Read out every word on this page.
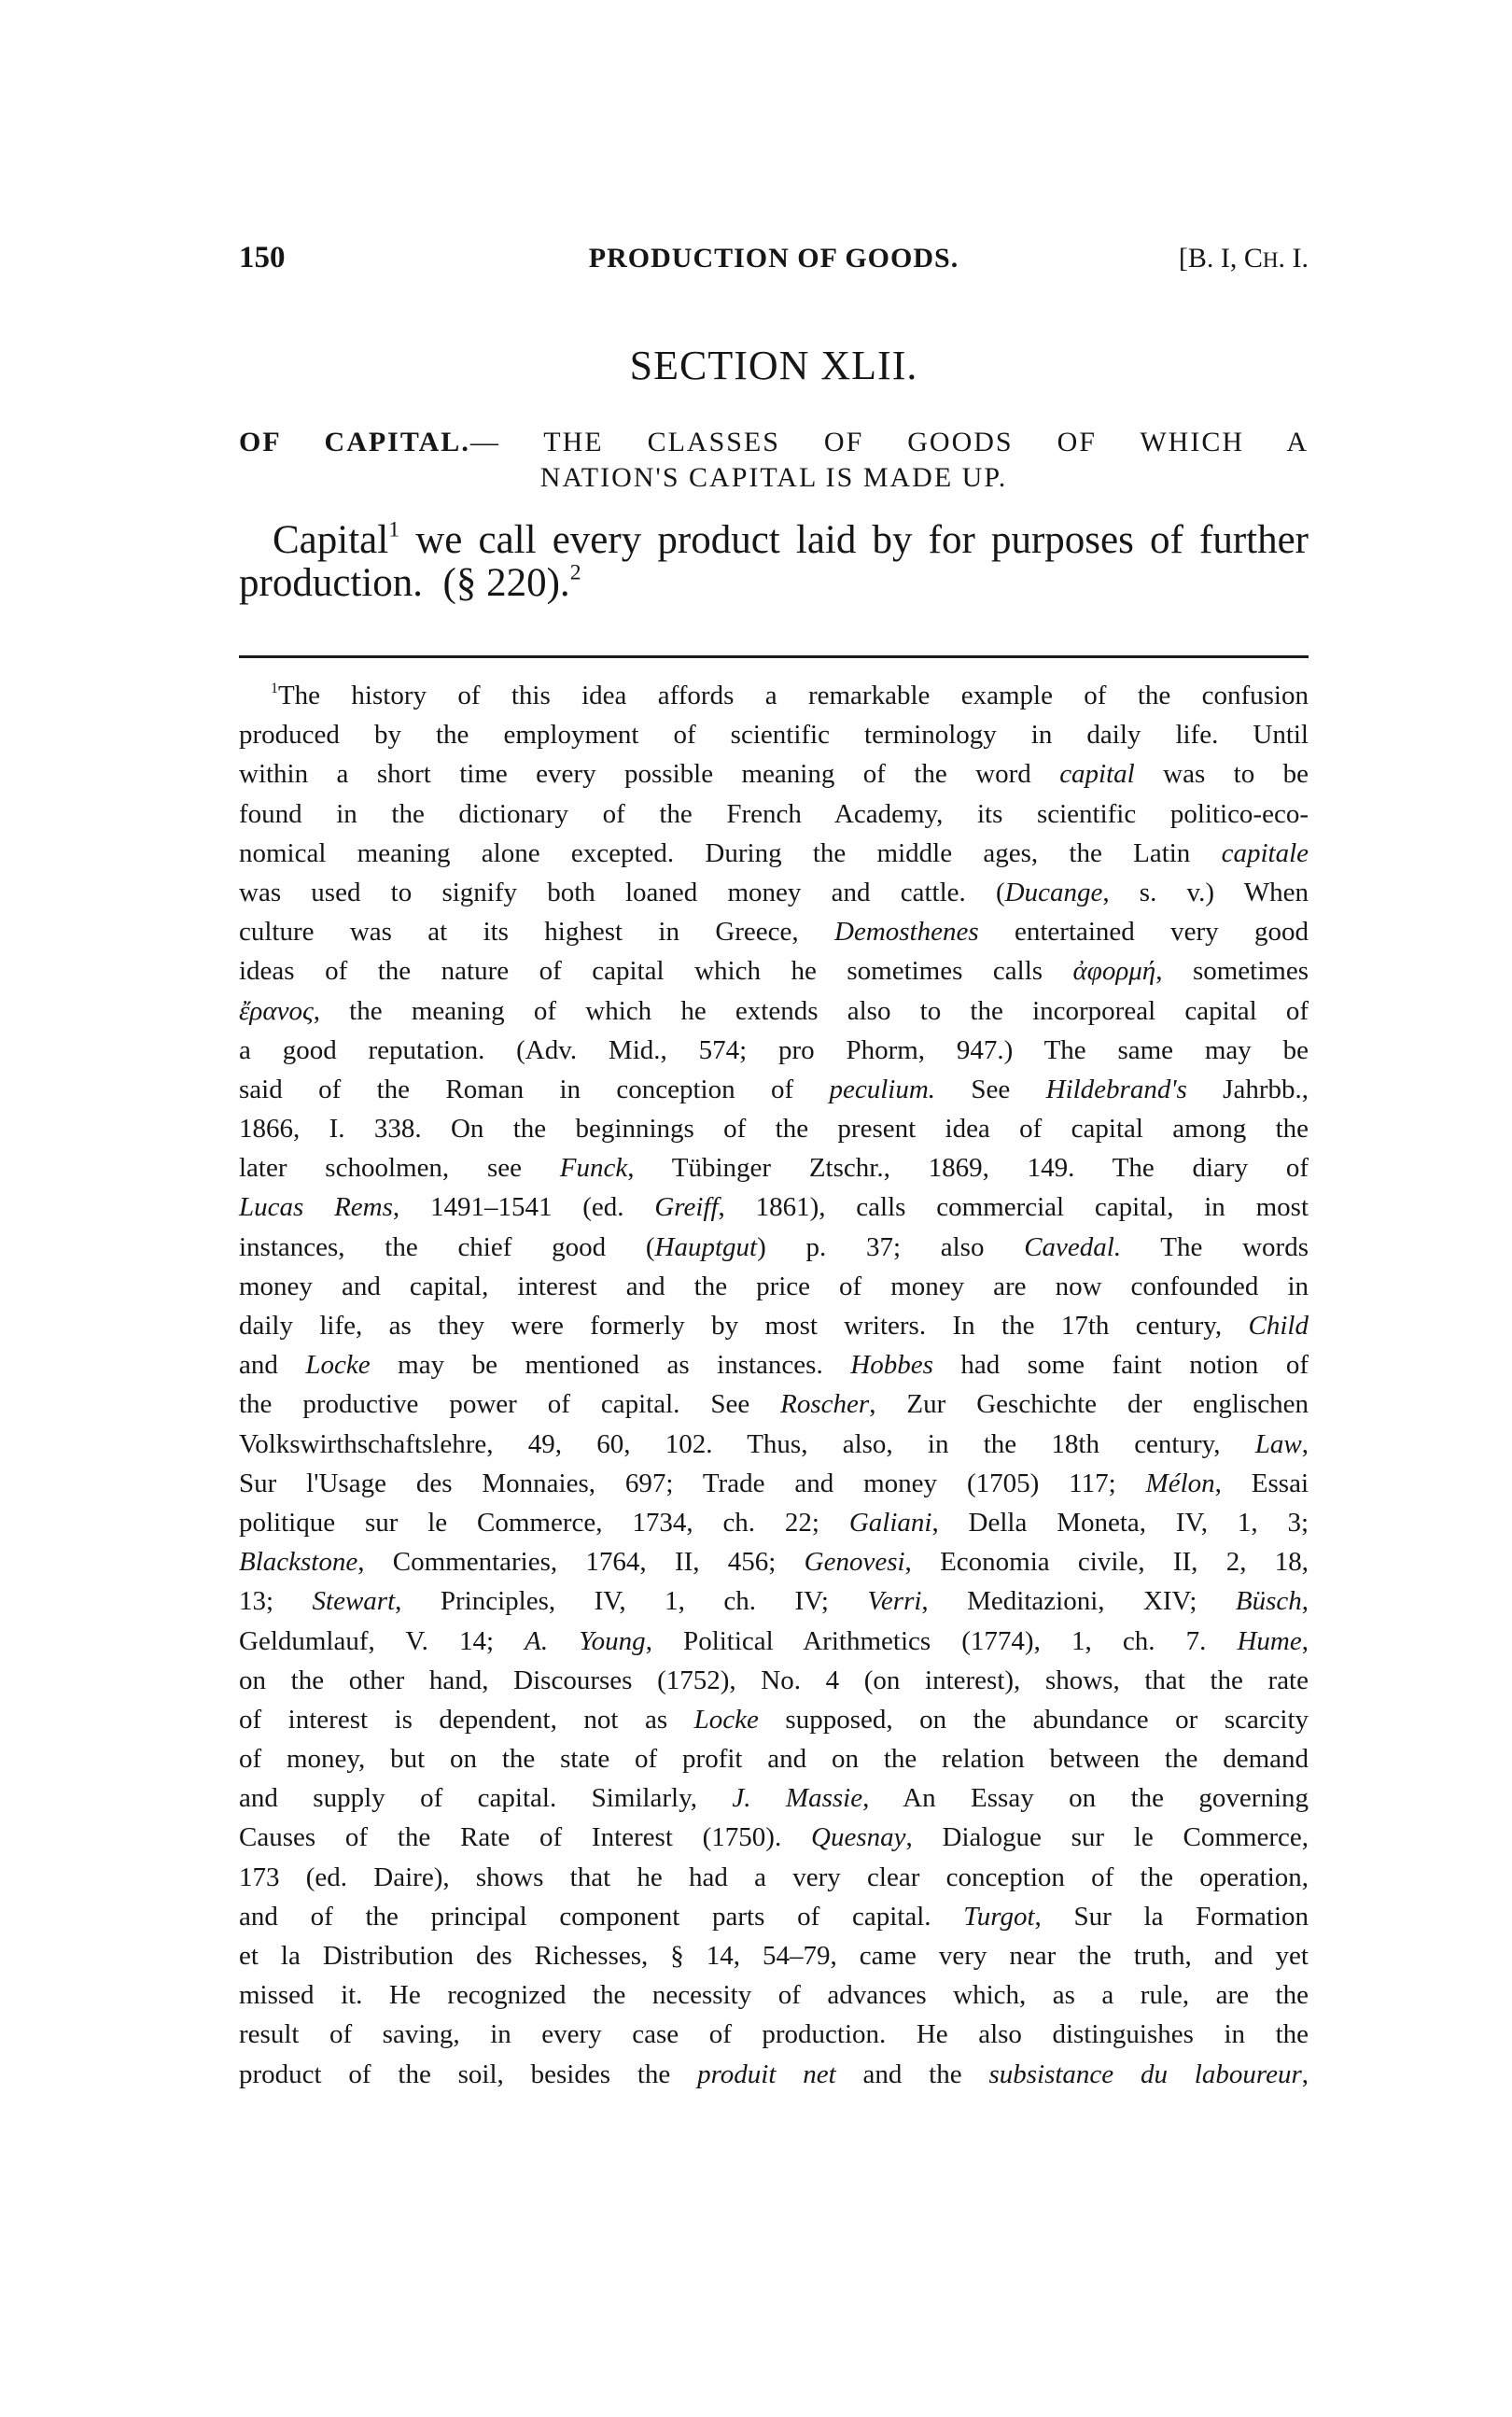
150	PRODUCTION OF GOODS.	[B. I, CH. I.
SECTION XLII.
OF CAPITAL.— THE CLASSES OF GOODS OF WHICH A
NATION'S CAPITAL IS MADE UP.
Capital$^1$ we call every product laid by for purposes of further
production.  (§ 220).$^2$
$^1$The history of this idea affords a remarkable example of the confusion
produced by the employment of scientific terminology in daily life. Until
within a short time every possible meaning of the word capital was to be
found in the dictionary of the French Academy, its scientific politico-eco-
nomical meaning alone excepted. During the middle ages, the Latin capitale
was used to signify both loaned money and cattle. (Ducange, s. v.) When
culture was at its highest in Greece, Demosthenes entertained very good
ideas of the nature of capital which he sometimes calls ἀφορμή, sometimes
ἔρανος, the meaning of which he extends also to the incorporeal capital of
a good reputation. (Adv. Mid., 574; pro Phorm, 947.) The same may be
said of the Roman in conception of peculium. See Hildebrand's Jahrbb.,
1866, I. 338. On the beginnings of the present idea of capital among the
later schoolmen, see Funck, Tübinger Ztschr., 1869, 149. The diary of
Lucas Rems, 1491–1541 (ed. Greiff, 1861), calls commercial capital, in most
instances, the chief good (Hauptgut) p. 37; also Cavedal. The words
money and capital, interest and the price of money are now confounded in
daily life, as they were formerly by most writers. In the 17th century, Child
and Locke may be mentioned as instances. Hobbes had some faint notion of
the productive power of capital. See Roscher, Zur Geschichte der englischen
Volkswirthschaftslehre, 49, 60, 102. Thus, also, in the 18th century, Law,
Sur l'Usage des Monnaies, 697; Trade and money (1705) 117; Mélon, Essai
politique sur le Commerce, 1734, ch. 22; Galiani, Della Moneta, IV, 1, 3;
Blackstone, Commentaries, 1764, II, 456; Genovesi, Economia civile, II, 2, 18,
13; Stewart, Principles, IV, 1, ch. IV; Verri, Meditazioni, XIV; Büsch,
Geldumlauf, V. 14; A. Young, Political Arithmetics (1774), 1, ch. 7. Hume,
on the other hand, Discourses (1752), No. 4 (on interest), shows, that the rate
of interest is dependent, not as Locke supposed, on the abundance or scarcity
of money, but on the state of profit and on the relation between the demand
and supply of capital. Similarly, J. Massie, An Essay on the governing
Causes of the Rate of Interest (1750). Quesnay, Dialogue sur le Commerce,
173 (ed. Daire), shows that he had a very clear conception of the operation,
and of the principal component parts of capital. Turgot, Sur la Formation
et la Distribution des Richesses, § 14, 54–79, came very near the truth, and yet
missed it. He recognized the necessity of advances which, as a rule, are the
result of saving, in every case of production. He also distinguishes in the
product of the soil, besides the produit net and the subsistance du laboureur,
